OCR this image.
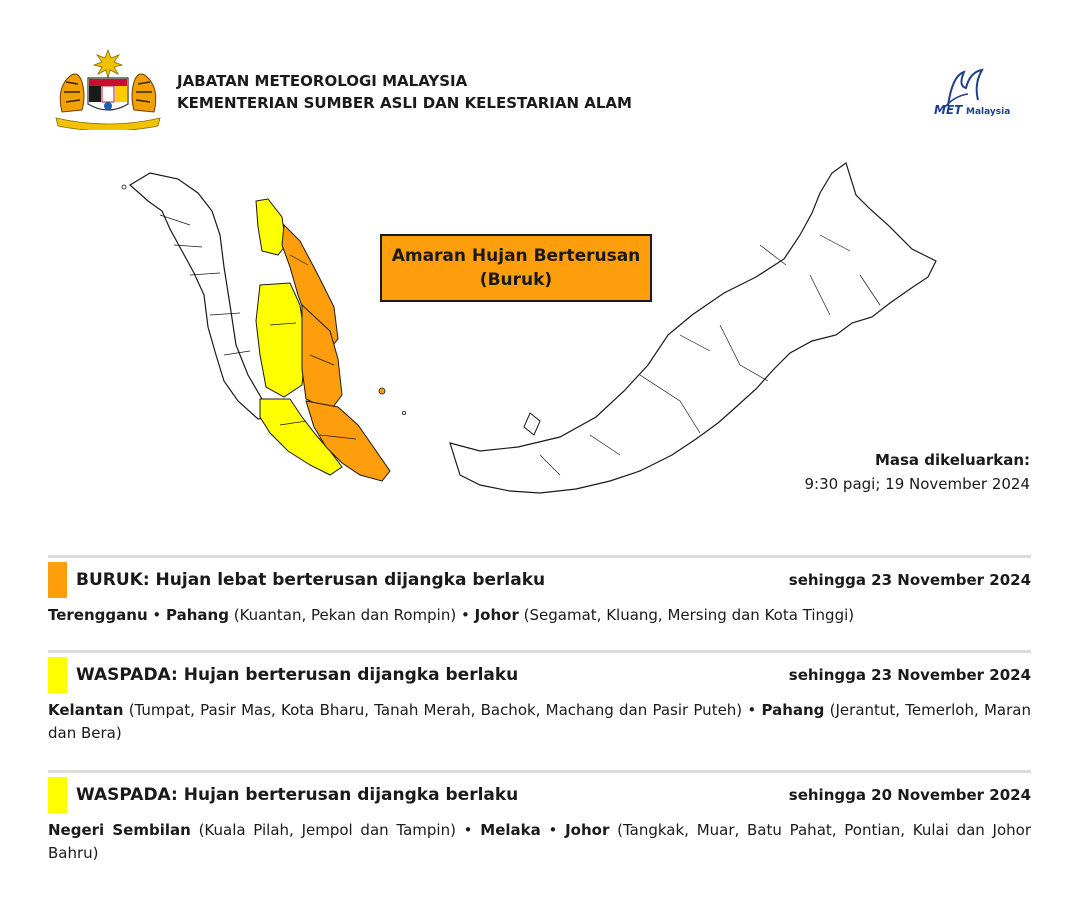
JABATAN METEOROLOGI MALAYSIA
KEMENTERIAN SUMBER ASLI DAN KELESTARIAN ALAM	MET Malaysia
Amaran Hujan Berterusan
(Buruk)
Masa dikeluarkan:
9:30 pagi; 19 November 2024
BURUK: Hujan lebat berterusan dijangka berlaku	sehingga 23 November 2024
Terengganu • Pahang (Kuantan, Pekan dan Rompin) • Johor (Segamat, Kluang, Mersing dan Kota Tinggi)
WASPADA: Hujan berterusan dijangka berlaku	sehingga 23 November 2024
Kelantan (Tumpat, Pasir Mas, Kota Bharu, Tanah Merah, Bachok, Machang dan Pasir Puteh) • Pahang (Jerantut, Temerloh, Maran dan Bera)
WASPADA: Hujan berterusan dijangka berlaku	sehingga 20 November 2024
Negeri Sembilan (Kuala Pilah, Jempol dan Tampin) • Melaka • Johor (Tangkak, Muar, Batu Pahat, Pontian, Kulai dan Johor Bahru)
